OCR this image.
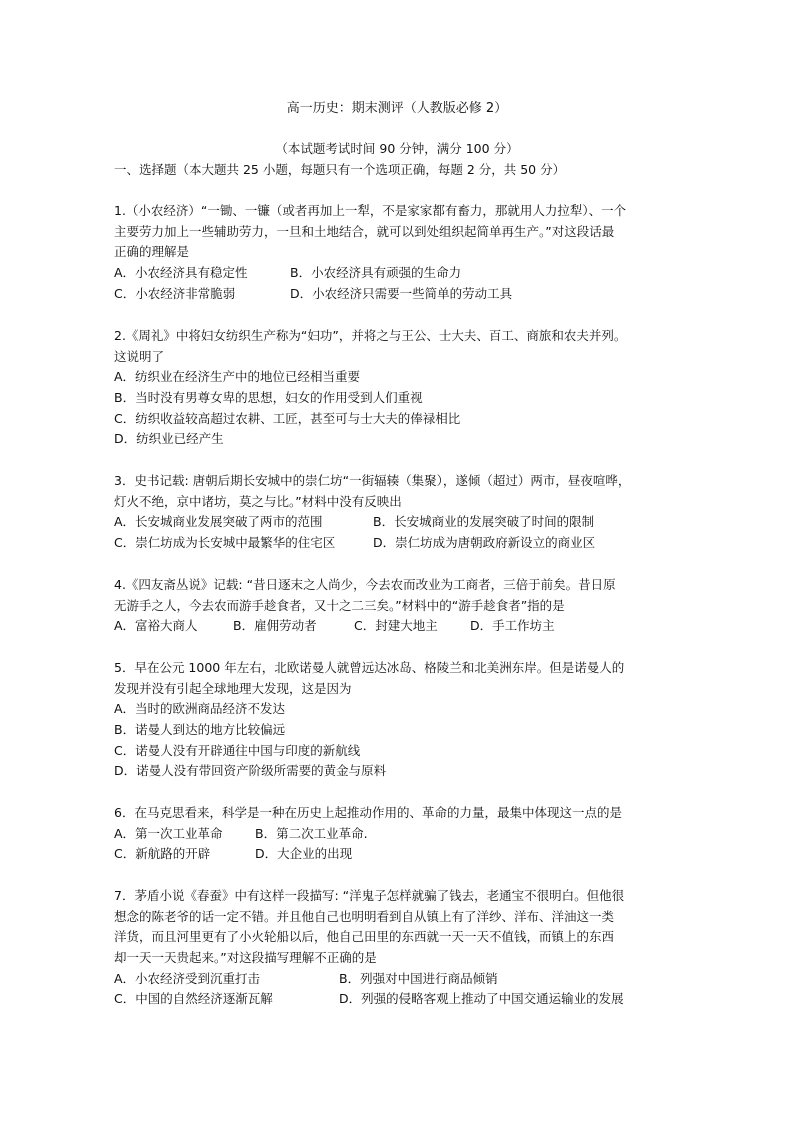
高一历史：期末测评（人教版必修 2）
（本试题考试时间 90 分钟，满分 100 分）
一、选择题（本大题共 25 小题，每题只有一个选项正确，每题 2 分，共 50 分）
1.（小农经济）“一锄、一镰（或者再加上一犁，不是家家都有畜力，那就用人力拉犁）、一个
主要劳力加上一些辅助劳力，一旦和土地结合，就可以到处组织起简单再生产。”对这段话最
正确的理解是
A．小农经济具有稳定性	B．小农经济具有顽强的生命力
C．小农经济非常脆弱	D．小农经济只需要一些简单的劳动工具
2.《周礼》中将妇女纺织生产称为“妇功”，并将之与王公、士大夫、百工、商旅和农夫并列。
这说明了
A．纺织业在经济生产中的地位已经相当重要
B．当时没有男尊女卑的思想，妇女的作用受到人们重视
C．纺织收益较高超过农耕、工匠，甚至可与士大夫的俸禄相比
D．纺织业已经产生
3．史书记载: 唐朝后期长安城中的崇仁坊“一街辐辏（集聚），遂倾（超过）两市，昼夜喧哗，
灯火不绝，京中诸坊，莫之与比。”材料中没有反映出
A．长安城商业发展突破了两市的范围	B．长安城商业的发展突破了时间的限制
C．崇仁坊成为长安城中最繁华的住宅区	D．崇仁坊成为唐朝政府新设立的商业区
4.《四友斋丛说》记载: “昔日逐末之人尚少，今去农而改业为工商者，三倍于前矣。昔日原
无游手之人，今去农而游手趁食者，又十之二三矣。”材料中的“游手趁食者”指的是
A．富裕大商人	B．雇佣劳动者	C．封建大地主	D．手工作坊主
5．早在公元 1000 年左右，北欧诺曼人就曾远达冰岛、格陵兰和北美洲东岸。但是诺曼人的
发现并没有引起全球地理大发现，这是因为
A．当时的欧洲商品经济不发达
B．诺曼人到达的地方比较偏远
C．诺曼人没有开辟通往中国与印度的新航线
D．诺曼人没有带回资产阶级所需要的黄金与原料
6．在马克思看来，科学是一种在历史上起推动作用的、革命的力量，最集中体现这一点的是
A．第一次工业革命	B．第二次工业革命.
C．新航路的开辟	D．大企业的出现
7．茅盾小说《春蚕》中有这样一段描写: “洋鬼子怎样就骗了钱去，老通宝不很明白。但他很
想念的陈老爷的话一定不错。并且他自己也明明看到自从镇上有了洋纱、洋布、洋油这一类
洋货，而且河里更有了小火轮船以后，他自己田里的东西就一天一天不值钱，而镇上的东西
却一天一天贵起来。”对这段描写理解不正确的是
A．小农经济受到沉重打击	B．列强对中国进行商品倾销
C．中国的自然经济逐渐瓦解	D．列强的侵略客观上推动了中国交通运输业的发展
